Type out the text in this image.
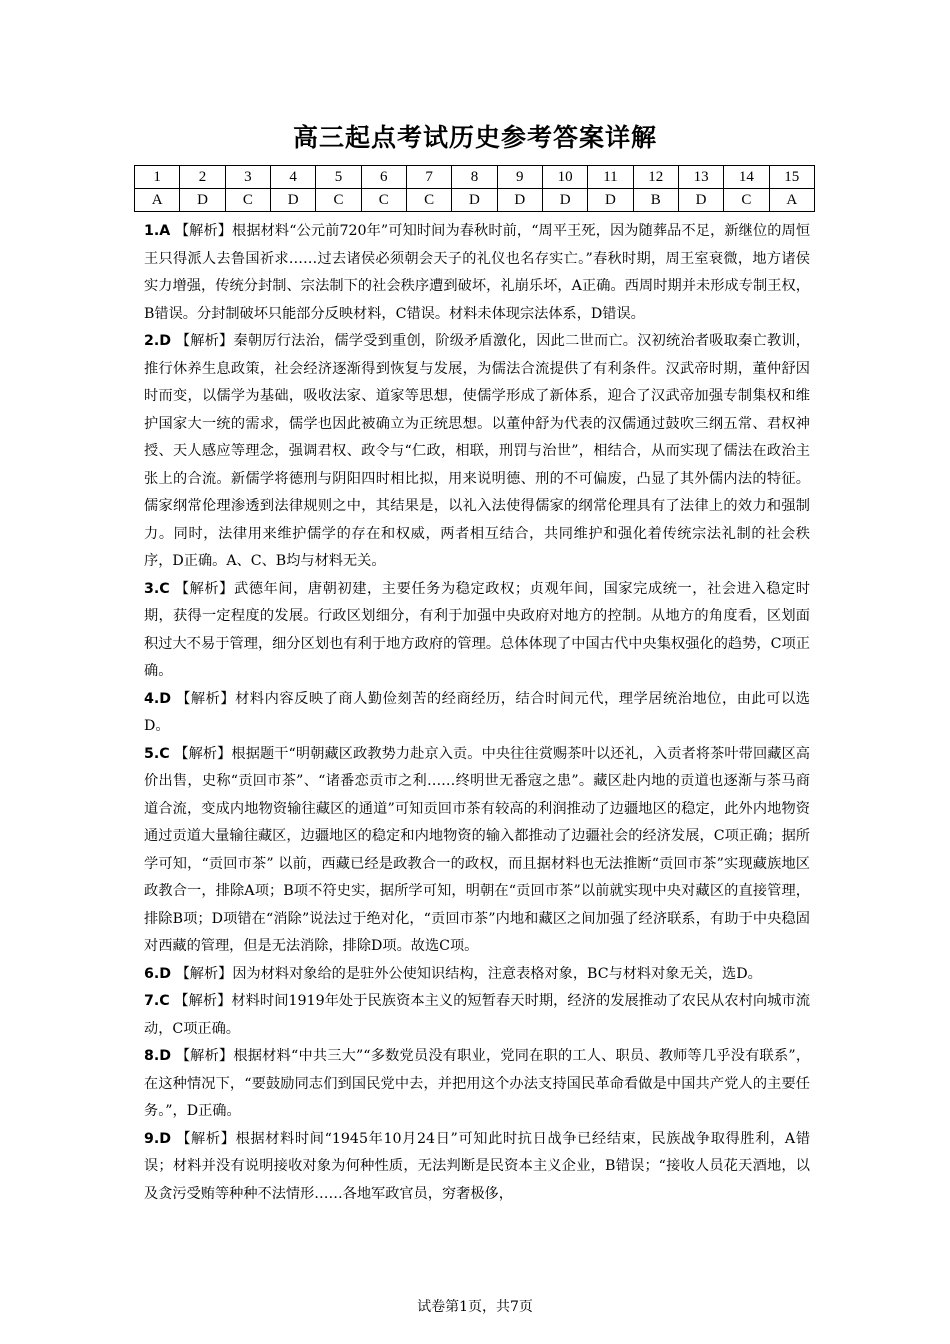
高三起点考试历史参考答案详解
1	2	3	4	5	6	7	8	9	10	11	12	13	14	15
A	D	C	D	C	C	C	D	D	D	D	B	D	C	A

1.A 【解析】根据材料“公元前720年”可知时间为春秋时前，“周平王死，因为随葬品不足，新继位的周恒王只得派人去鲁国祈求……过去诸侯必须朝会天子的礼仪也名存实亡。”春秋时期，周王室衰微，地方诸侯实力增强，传统分封制、宗法制下的社会秩序遭到破坏，礼崩乐坏，A正确。西周时期并未形成专制王权，B错误。分封制破坏只能部分反映材料，C错误。材料未体现宗法体系，D错误。

2.D 【解析】秦朝厉行法治，儒学受到重创，阶级矛盾激化，因此二世而亡。汉初统治者吸取秦亡教训，推行休养生息政策，社会经济逐渐得到恢复与发展，为儒法合流提供了有利条件。汉武帝时期，董仲舒因时而变，以儒学为基础，吸收法家、道家等思想，使儒学形成了新体系，迎合了汉武帝加强专制集权和维护国家大一统的需求，儒学也因此被确立为正统思想。以董仲舒为代表的汉儒通过鼓吹三纲五常、君权神授、天人感应等理念，强调君权、政令与“仁政，相联，刑罚与治世”，相结合，从而实现了儒法在政治主张上的合流。新儒学将德刑与阴阳四时相比拟，用来说明德、刑的不可偏废，凸显了其外儒内法的特征。儒家纲常伦理渗透到法律规则之中，其结果是，以礼入法使得儒家的纲常伦理具有了法律上的效力和强制力。同时，法律用来维护儒学的存在和权威，两者相互结合，共同维护和强化着传统宗法礼制的社会秩序，D正确。A、C、B均与材料无关。

3.C 【解析】武德年间，唐朝初建，主要任务为稳定政权；贞观年间，国家完成统一，社会进入稳定时期，获得一定程度的发展。行政区划细分，有利于加强中央政府对地方的控制。从地方的角度看，区划面积过大不易于管理，细分区划也有利于地方政府的管理。总体体现了中国古代中央集权强化的趋势，C项正确。

4.D 【解析】材料内容反映了商人勤俭刻苦的经商经历，结合时间元代，理学居统治地位，由此可以选D。

5.C 【解析】根据题干“明朝藏区政教势力赴京入贡。中央往往赏赐茶叶以还礼，入贡者将茶叶带回藏区高价出售，史称“贡回市茶”、“诸番恋贡市之利……终明世无番寇之患”。藏区赴内地的贡道也逐渐与茶马商道合流，变成内地物资输往藏区的通道”可知贡回市茶有较高的利润推动了边疆地区的稳定，此外内地物资通过贡道大量输往藏区，边疆地区的稳定和内地物资的输入都推动了边疆社会的经济发展，C项正确；据所学可知，“贡回市茶” 以前，西藏已经是政教合一的政权，而且据材料也无法推断“贡回市茶”实现藏族地区政教合一，排除A项；B项不符史实，据所学可知，明朝在“贡回市茶”以前就实现中央对藏区的直接管理，排除B项；D项错在“消除”说法过于绝对化，“贡回市茶”内地和藏区之间加强了经济联系，有助于中央稳固对西藏的管理，但是无法消除，排除D项。故选C项。

6.D 【解析】因为材料对象给的是驻外公使知识结构，注意表格对象，BC与材料对象无关，选D。

7.C 【解析】材料时间1919年处于民族资本主义的短暂春天时期，经济的发展推动了农民从农村向城市流动，C项正确。

8.D 【解析】根据材料“中共三大”“多数党员没有职业，党同在职的工人、职员、教师等几乎没有联系”，在这种情况下，“要鼓励同志们到国民党中去，并把用这个办法支持国民革命看做是中国共产党人的主要任务。”，D正确。

9.D 【解析】根据材料时间“1945年10月24日”可知此时抗日战争已经结束，民族战争取得胜利，A错误；材料并没有说明接收对象为何种性质，无法判断是民资本主义企业，B错误；“接收人员花天酒地，以及贪污受贿等种种不法情形……各地军政官员，穷奢极侈，

试卷第1页，共7页
